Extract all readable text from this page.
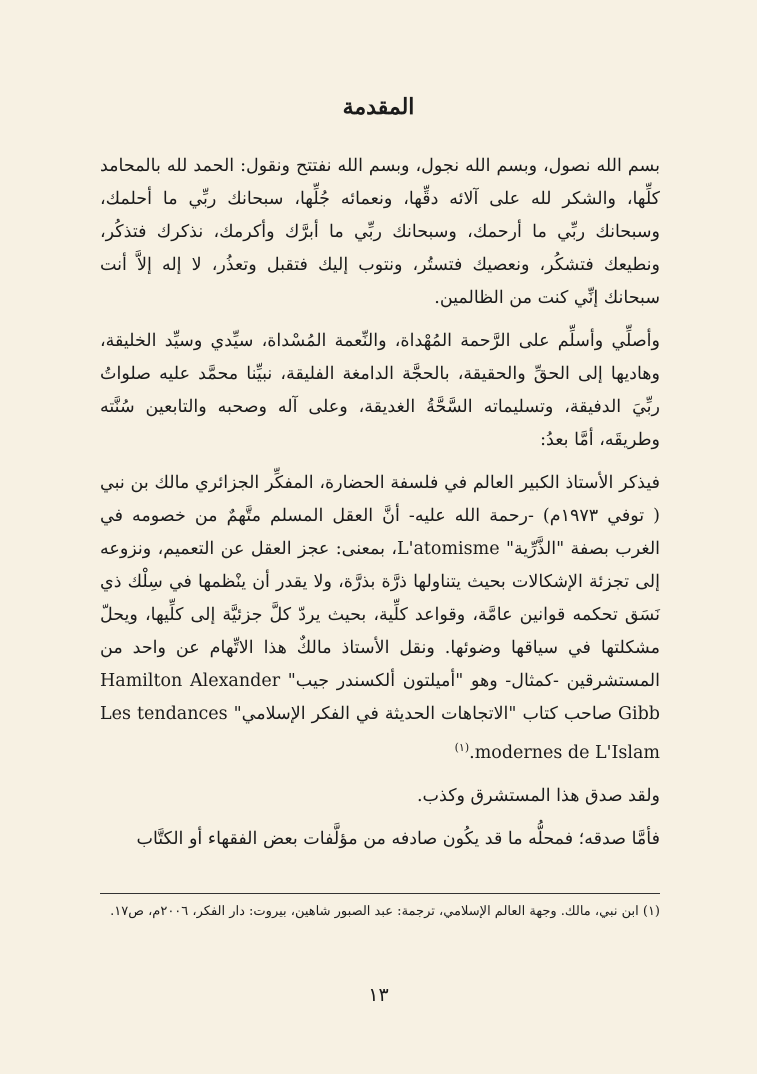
المقدمة

بسم الله نصول، وبسم الله نجول، وبسم الله نفتتح ونقول: الحمد لله بالمحامد كلِّها، والشكر لله على آلائه دقِّها، ونعمائه جُلِّها، سبحانك ربِّي ما أحلمك، وسبحانك ربِّي ما أرحمك، وسبحانك ربِّي ما أبرَّك وأكرمك، نذكرك فتذكُر، ونطيعك فتشكُر، ونعصيك فتستُر، ونتوب إليك فتقبل وتعذُر، لا إله إلاَّ أنت سبحانك إنِّي كنت من الظالمين.

وأصلِّي وأسلِّم على الرَّحمة المُهْداة، والنِّعمة المُسْداة، سيِّدي وسيِّد الخليقة، وهاديها إلى الحقِّ والحقيقة، بالحجَّة الدامغة الفليقة، نبيِّنا محمَّد عليه صلواتُ ربِّيَ الدفيقة، وتسليماته السَّحَّةُ الغديقة، وعلى آله وصحبه والتابعين سُنَّته وطريقَه، أمَّا بعدُ:

فيذكر الأستاذ الكبير العالم في فلسفة الحضارة، المفكِّر الجزائري مالك بن نبي ( توفي ١٩٧٣م) -رحمة الله عليه- أنَّ العقل المسلم متَّهمٌ من خصومه في الغرب بصفة "الذَّرِّية" L'atomisme، بمعنى: عجز العقل عن التعميم، ونزوعه إلى تجزئة الإشكالات بحيث يتناولها ذرَّة بذرَّة، ولا يقدر أن ينْظمها في سِلْك ذي نَسَق تحكمه قوانين عامَّة، وقواعد كلِّية، بحيث يردّ كلَّ جزئيَّة إلى كلِّيها، ويحلّ مشكلتها في سياقها وضوئها. ونقل الأستاذ مالكٌ هذا الاتِّهام عن واحد من المستشرقين -كمثال- وهو "أميلتون ألكسندر جيب" Hamilton Alexander Gibb صاحب كتاب "الاتجاهات الحديثة في الفكر الإسلامي" Les tendances modernes de L'Islam.$^{(١)}$

ولقد صدق هذا المستشرق وكذب.

فأمَّا صدقه؛ فمحلُّه ما قد يكُون صادفه من مؤلَّفات بعض الفقهاء أو الكتَّاب

(١) ابن نبي، مالك. وجهة العالم الإسلامي، ترجمة: عبد الصبور شاهين، بيروت: دار الفكر، ٢٠٠٦م، ص١٧.
١٣
